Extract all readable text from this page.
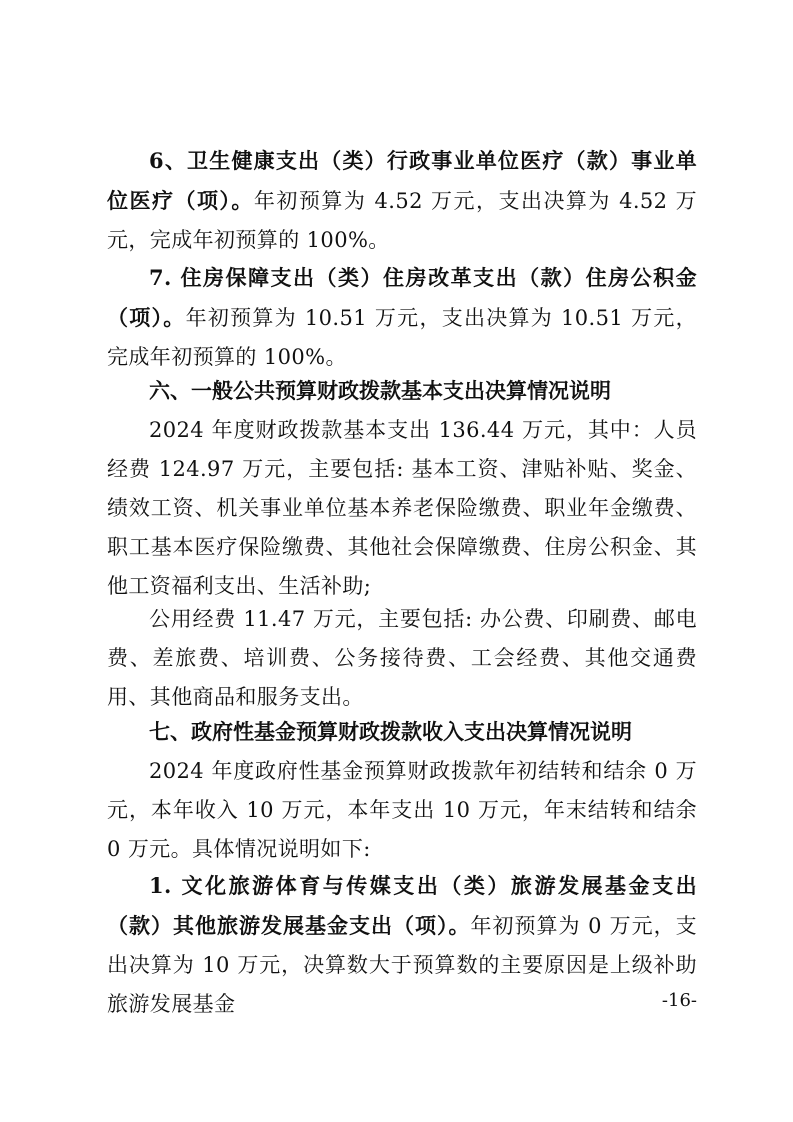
6、卫生健康支出（类）行政事业单位医疗（款）事业单位医疗（项）。年初预算为 4.52 万元，支出决算为 4.52 万元，完成年初预算的 100%。

7. 住房保障支出（类）住房改革支出（款）住房公积金（项）。年初预算为 10.51 万元，支出决算为 10.51 万元，完成年初预算的 100%。

六、一般公共预算财政拨款基本支出决算情况说明

2024 年度财政拨款基本支出 136.44 万元，其中：人员经费 124.97 万元，主要包括: 基本工资、津贴补贴、奖金、绩效工资、机关事业单位基本养老保险缴费、职业年金缴费、职工基本医疗保险缴费、其他社会保障缴费、住房公积金、其他工资福利支出、生活补助;

公用经费 11.47 万元，主要包括: 办公费、印刷费、邮电费、差旅费、培训费、公务接待费、工会经费、其他交通费用、其他商品和服务支出。

七、政府性基金预算财政拨款收入支出决算情况说明

2024 年度政府性基金预算财政拨款年初结转和结余 0 万元，本年收入 10 万元，本年支出 10 万元，年末结转和结余 0 万元。具体情况说明如下:

1. 文化旅游体育与传媒支出（类）旅游发展基金支出（款）其他旅游发展基金支出（项）。年初预算为 0 万元，支出决算为 10 万元，决算数大于预算数的主要原因是上级补助旅游发展基金	-16-
